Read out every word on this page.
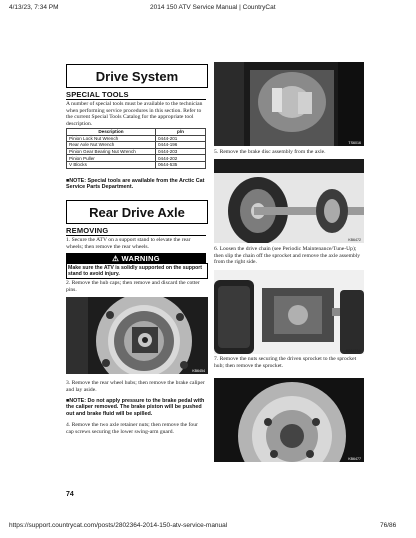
4/13/23, 7:34 PM	2014 150 ATV Service Manual | CountryCat
Drive System
SPECIAL TOOLS
A number of special tools must be available to the technician when performing service procedures in this section. Refer to the current Special Tools Catalog for the appropriate tool description.
Description	p/n
Pinion Lock Nut Wrench	0444-201
Rear Axle Nut Wrench	0444-196
Pinion Gear Bearing Nut Wrench	0444-203
Pinion Puller	0444-202
V Blocks	0644-535
■NOTE: Special tools are available from the Arctic Cat Service Parts Department.
Rear Drive Axle
REMOVING
1. Secure the ATV on a support stand to elevate the rear wheels; then remove the rear wheels.
⚠ WARNING
Make sure the ATV is solidly supported on the support stand to avoid injury.
2. Remove the hub caps; then remove and discard the cotter pins.
KB6454
3. Remove the rear wheel hubs; then remove the brake caliper and lay aside.
■NOTE: Do not apply pressure to the brake pedal with the caliper removed. The brake piston will be pushed out and brake fluid will be spilled.
4. Remove the two axle retainer nuts; then remove the four cap screws securing the lower swing-arm guard.
74
TS6016
5. Remove the brake disc assembly from the axle.
KB6472
6. Loosen the drive chain (see Periodic Maintenance/Tune-Up); then slip the chain off the sprocket and remove the axle assembly from the right side.
KB6476A
7. Remove the nuts securing the driven sprocket to the sprocket hub; then remove the sprocket.
KB6477
https://support.countrycat.com/posts/2802364-2014-150-atv-service-manual	76/86
